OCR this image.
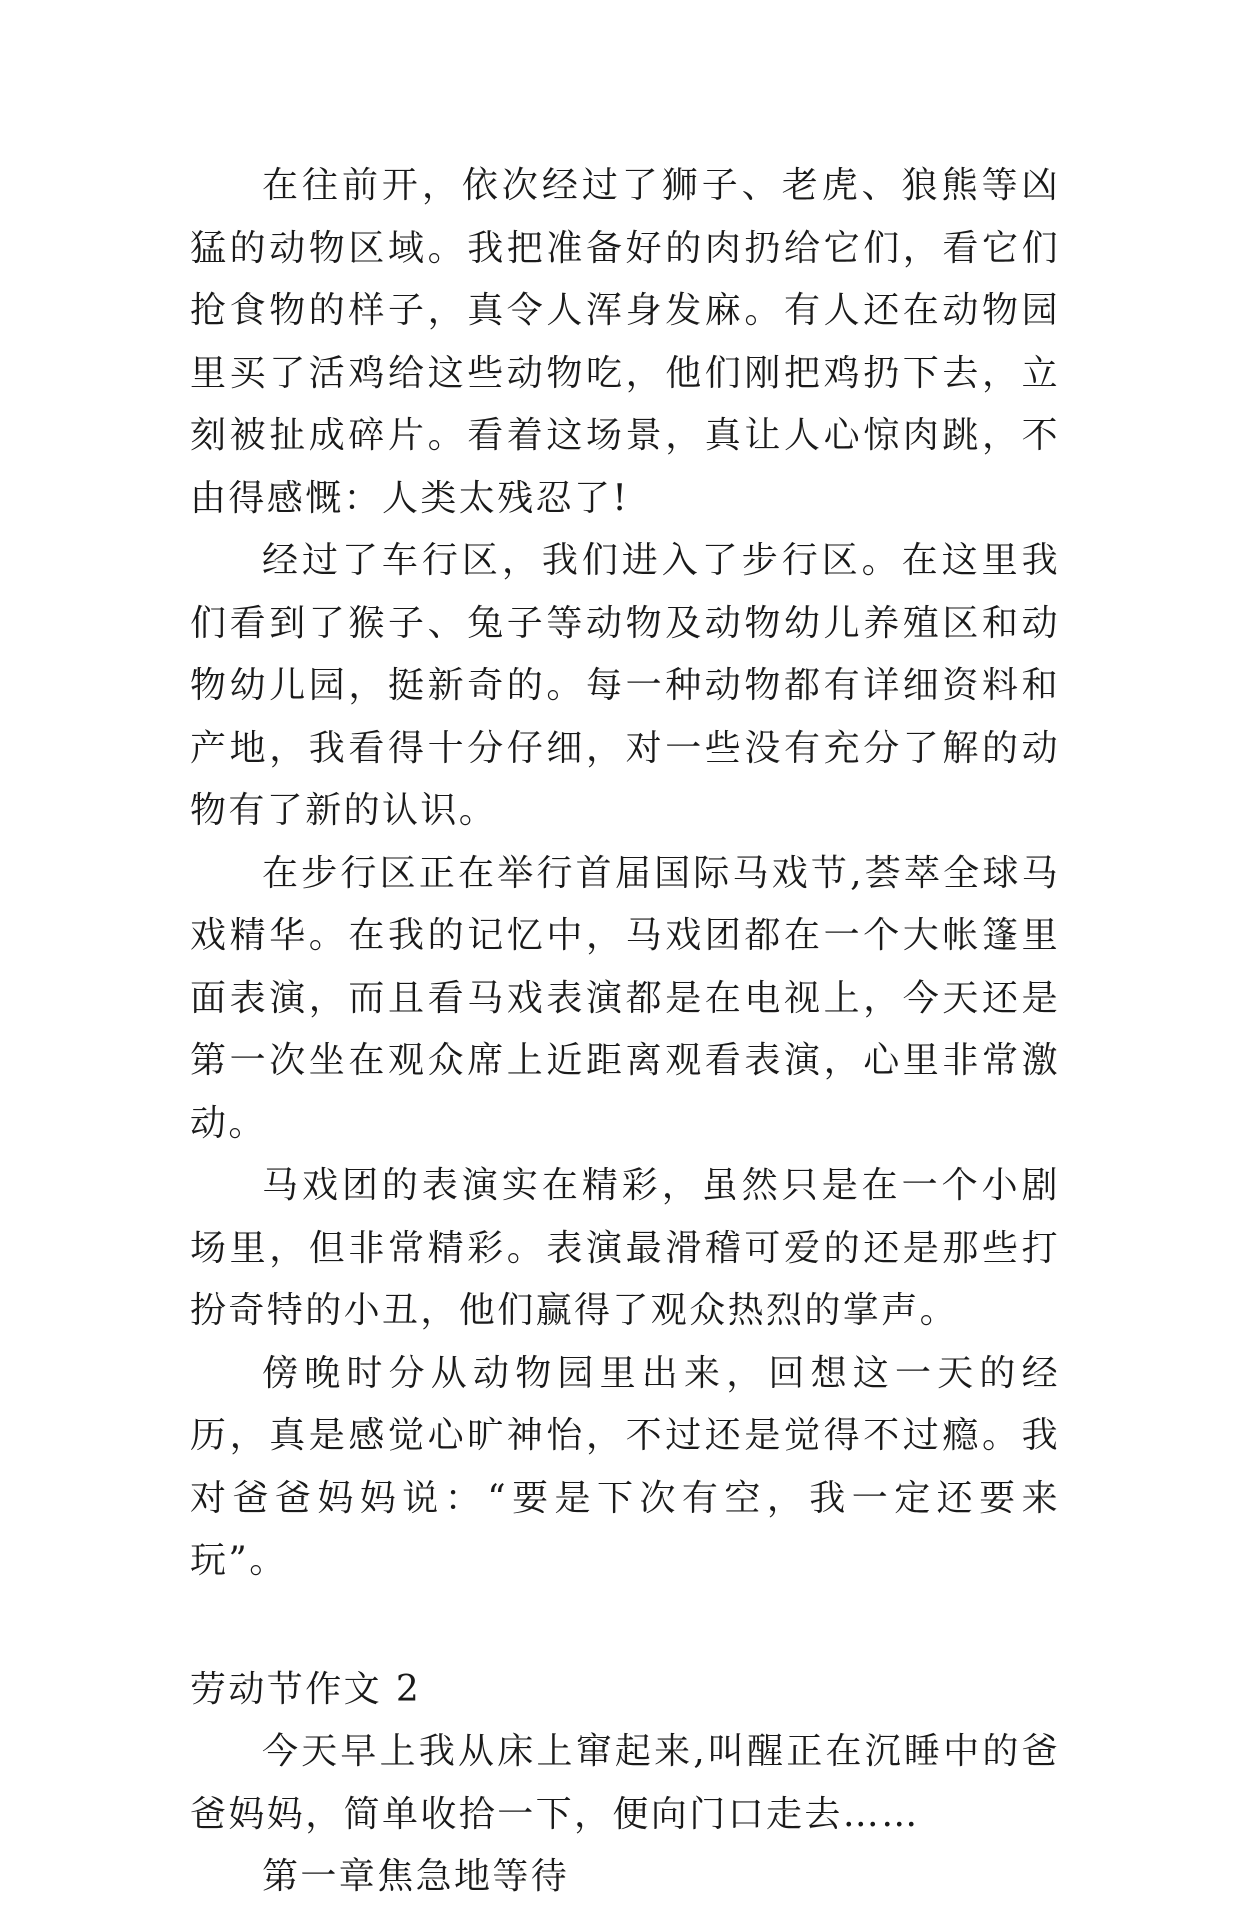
在往前开，依次经过了狮子、老虎、狼熊等凶猛的动物区域。我把准备好的肉扔给它们，看它们抢食物的样子，真令人浑身发麻。有人还在动物园里买了活鸡给这些动物吃，他们刚把鸡扔下去，立刻被扯成碎片。看着这场景，真让人心惊肉跳，不由得感慨：人类太残忍了!

经过了车行区，我们进入了步行区。在这里我们看到了猴子、兔子等动物及动物幼儿养殖区和动物幼儿园，挺新奇的。每一种动物都有详细资料和产地，我看得十分仔细，对一些没有充分了解的动物有了新的认识。

在步行区正在举行首届国际马戏节,荟萃全球马戏精华。在我的记忆中，马戏团都在一个大帐篷里面表演，而且看马戏表演都是在电视上，今天还是第一次坐在观众席上近距离观看表演，心里非常激动。

马戏团的表演实在精彩，虽然只是在一个小剧场里，但非常精彩。表演最滑稽可爱的还是那些打扮奇特的小丑，他们赢得了观众热烈的掌声。

傍晚时分从动物园里出来，回想这一天的经历，真是感觉心旷神怡，不过还是觉得不过瘾。我对爸爸妈妈说：“要是下次有空，我一定还要来玩”。

劳动节作文 2

今天早上我从床上窜起来,叫醒正在沉睡中的爸爸妈妈，简单收拾一下，便向门口走去……

第一章焦急地等待
